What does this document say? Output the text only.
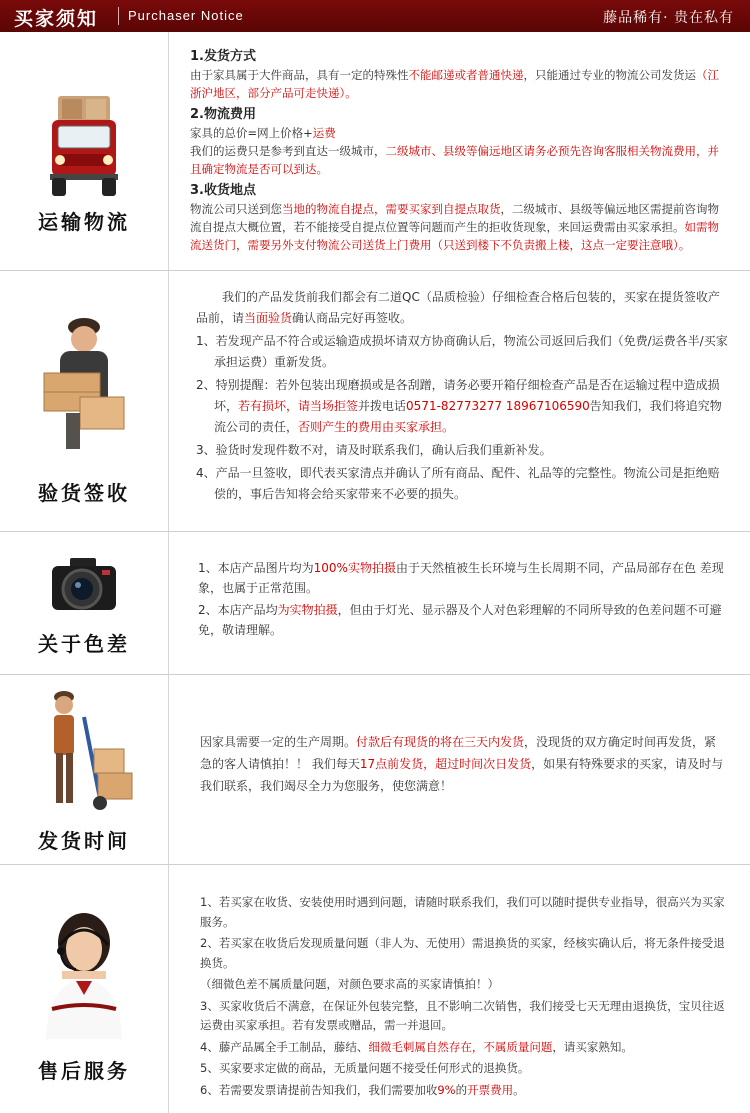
买家须知 Purchaser Notice	藤品稀有· 贵在私有
运输物流

1.发货方式

由于家具属于大件商品，具有一定的特殊性不能邮递或者普通快递，只能通过专业的物流公司发货运（江浙沪地区，部分产品可走快递）。

2.物流费用

家具的总价=网上价格+运费

我们的运费只是参考到直达一级城市，二级城市、县级等偏远地区请务必预先咨询客服相关物流费用，并且确定物流是否可以到达。

3.收货地点

物流公司只送到您当地的物流自提点，需要买家到自提点取货，二级城市、县级等偏远地区需提前咨询物流自提点大概位置，若不能接受自提点位置等问题而产生的拒收货现象，来回运费需由买家承担。如需物流送货门，需要另外支付物流公司送货上门费用（只送到楼下不负责搬上楼，这点一定要注意哦）。

验货签收

我们的产品发货前我们都会有二道QC（品质检验）仔细检查合格后包装的，买家在提货签收产品前，请当面验货确认商品完好再签收。

1、若发现产品不符合或运输造成损坏请双方协商确认后，物流公司返回后我们（免费/运费各半/买家承担运费）重新发货。

2、特别提醒：若外包装出现磨损或是各刮蹭，请务必要开箱仔细检查产品是否在运输过程中造成损坏，若有损坏，请当场拒签并拨电话0571-82773277 18967106590告知我们，我们将追究物流公司的责任，否则产生的费用由买家承担。

3、验货时发现件数不对，请及时联系我们，确认后我们重新补发。

4、产品一旦签收，即代表买家清点并确认了所有商品、配件、礼品等的完整性。物流公司是拒绝赔偿的，事后告知将会给买家带来不必要的损失。

关于色差

1、本店产品图片均为100%实物拍摄由于天然植被生长环境与生长周期不同，产品局部存在色 差现象，也属于正常范围。

2、本店产品均为实物拍摄，但由于灯光、显示器及个人对色彩理解的不同所导致的色差问题不可避免，敬请理解。

发货时间

因家具需要一定的生产周期。付款后有现货的将在三天内发货，没现货的双方确定时间再发货，紧急的客人请慎拍！！ 我们每天17点前发货，超过时间次日发货，如果有特殊要求的买家，请及时与我们联系，我们竭尽全力为您服务，使您满意！

售后服务

1、若买家在收货、安装使用时遇到问题，请随时联系我们，我们可以随时提供专业指导，很高兴为买家服务。

2、若买家在收货后发现质量问题（非人为、无使用）需退换货的买家，经核实确认后，将无条件接受退换货。

（细微色差不属质量问题，对颜色要求高的买家请慎拍！）

3、买家收货后不满意，在保证外包装完整，且不影响二次销售，我们接受七天无理由退换货，宝贝往返运费由买家承担。若有发票或赠品，需一并退回。

4、藤产品属全手工制品，藤结、细微毛刺属自然存在，不属质量问题，请买家熟知。

5、买家要求定做的商品，无质量问题不接受任何形式的退换货。

6、若需要发票请提前告知我们，我们需要加收9%的开票费用。
